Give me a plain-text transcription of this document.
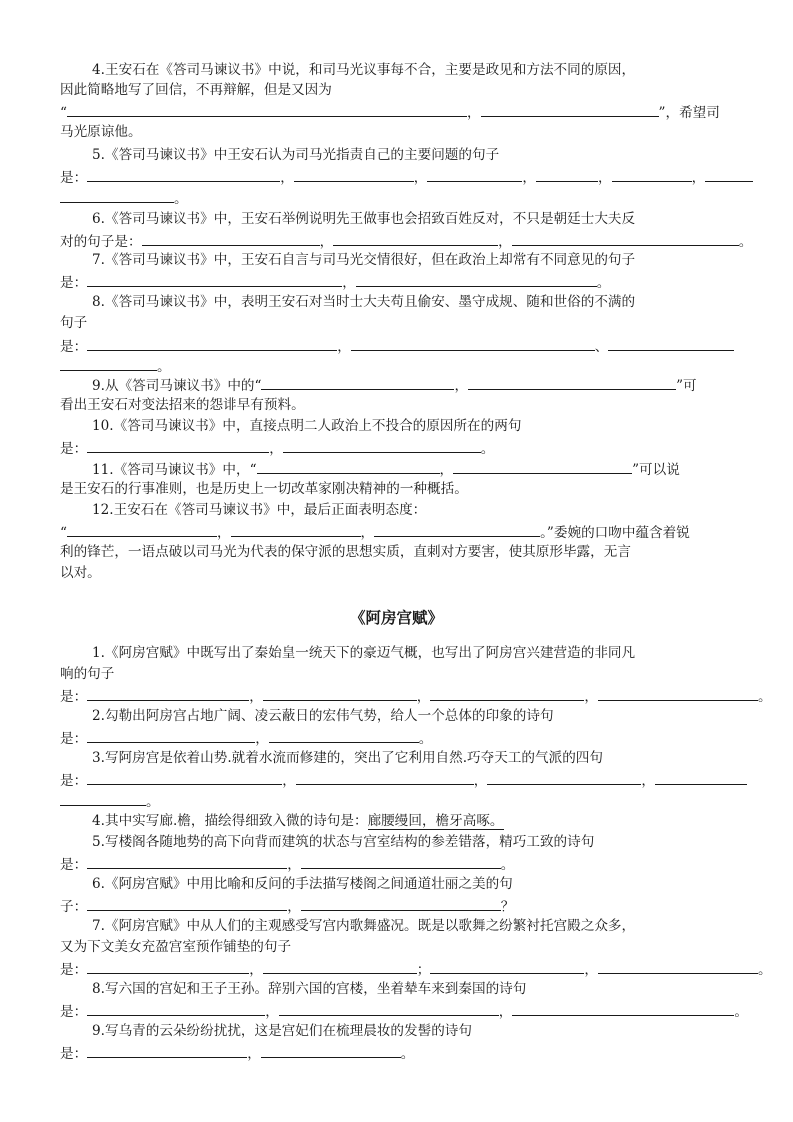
4.王安石在《答司马谏议书》中说，和司马光议事每不合，主要是政见和方法不同的原因，
因此简略地写了回信，不再辩解，但是又因为
“	，	”，希望司
马光原谅他。
5.《答司马谏议书》中王安石认为司马光指责自己的主要问题的句子
是：	，	，	，	，	，
。
6.《答司马谏议书》中，王安石举例说明先王做事也会招致百姓反对，不只是朝廷士大夫反
对的句子是：	，	，	。
7.《答司马谏议书》中，王安石自言与司马光交情很好，但在政治上却常有不同意见的句子
是：	，	。
8.《答司马谏议书》中，表明王安石对当时士大夫苟且偷安、墨守成规、随和世俗的不满的
句子
是：	，	、
。
9.从《答司马谏议书》中的“	，	”可
看出王安石对变法招来的怨诽早有预料。
10.《答司马谏议书》中，直接点明二人政治上不投合的原因所在的两句
是：	，	。
11.《答司马谏议书》中，“	，	”可以说
是王安石的行事准则，也是历史上一切改革家刚决精神的一种概括。
12.王安石在《答司马谏议书》中，最后正面表明态度：
“	，	，	。”委婉的口吻中蕴含着锐
利的锋芒，一语点破以司马光为代表的保守派的思想实质，直刺对方要害，使其原形毕露，无言
以对。
《阿房宫赋》
1.《阿房宫赋》中既写出了秦始皇一统天下的豪迈气概，也写出了阿房宫兴建营造的非同凡
响的句子
是：	，	，	，	。
2.勾勒出阿房宫占地广阔、凌云蔽日的宏伟气势，给人一个总体的印象的诗句
是：	，	。
3.写阿房宫是依着山势.就着水流而修建的，突出了它利用自然.巧夺天工的气派的四句
是：	，	，	，
。
4.其中实写廊.檐，描绘得细致入微的诗句是：廊腰缦回，檐牙高啄。
5.写楼阁各随地势的高下向背而建筑的状态与宫室结构的参差错落，精巧工致的诗句
是：	，	。
6.《阿房宫赋》中用比喻和反问的手法描写楼阁之间通道壮丽之美的句
子：	，	？
7.《阿房宫赋》中从人们的主观感受写宫内歌舞盛况。既是以歌舞之纷繁衬托宫殿之众多，
又为下文美女充盈宫室预作铺垫的句子
是：	，	；	，	。
8.写六国的宫妃和王子王孙。辞别六国的宫楼，坐着辇车来到秦国的诗句
是：	，	，	。
9.写乌青的云朵纷纷扰扰，这是宫妃们在梳理晨妆的发髻的诗句
是：	，	。
